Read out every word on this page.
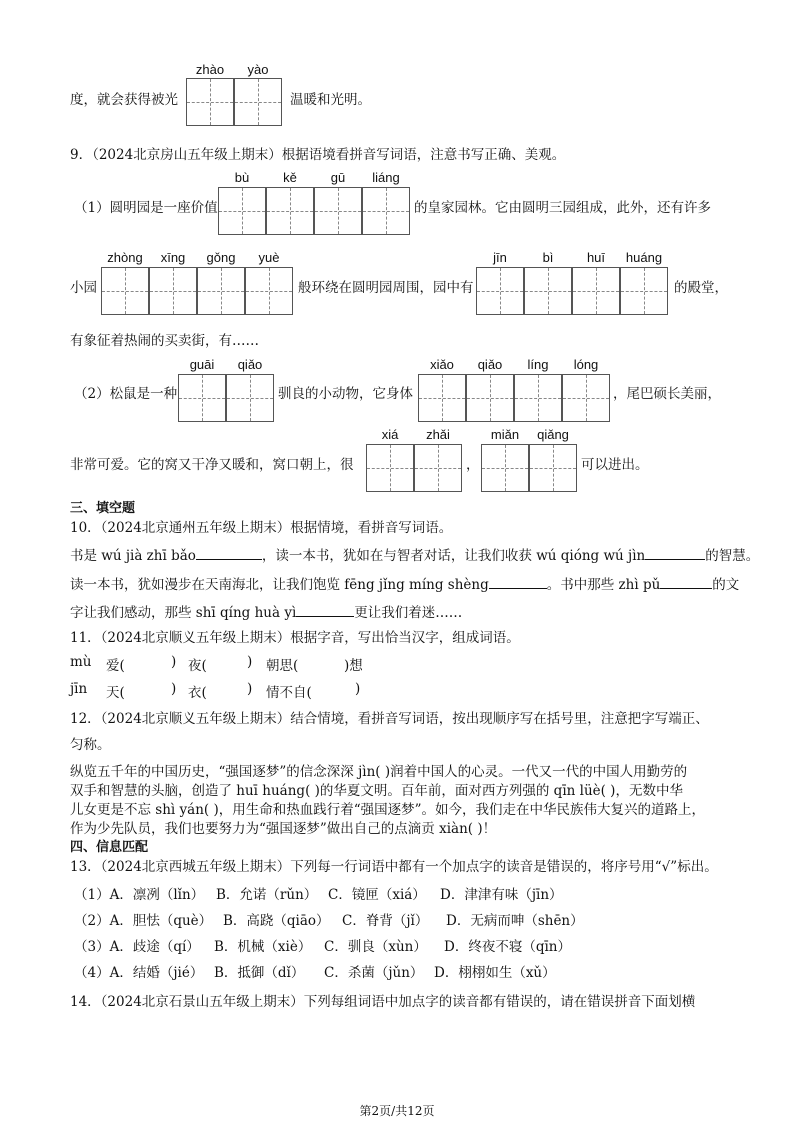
zhào	yào
度，就会获得被光	温暖和光明。
9．（2024北京房山五年级上期末）根据语境看拼音写词语，注意书写正确、美观。
bù	kě	gū	liáng
（1）圆明园是一座价值	的皇家园林。它由圆明三园组成，此外，还有许多
zhòng	xīng	gǒng	yuè
小园	般环绕在圆明园周围，园中有
jīn	bì	huī	huáng
的殿堂，
有象征着热闹的买卖街，有……
guāi	qiǎo
（2）松鼠是一种	驯良的小动物，它身体
xiǎo	qiǎo	líng	lóng
，尾巴硕长美丽，
xiá	zhǎi
非常可爱。它的窝又干净又暖和，窝口朝上，很	，
miǎn	qiǎng
可以进出。
三、填空题
10．（2024北京通州五年级上期末）根据情境，看拼音写词语。
书是 wú jià zhī bǎo	，读一本书，犹如在与智者对话，让我们收获 wú qióng wú jìn	的智慧。
读一本书，犹如漫步在天南海北，让我们饱览 fēng jǐng míng shèng	。书中那些 zhì pǔ	的文
字让我们感动，那些 shī qíng huà yì	更让我们着迷……
11．（2024北京顺义五年级上期末）根据字音，写出恰当汉字，组成词语。
mù 爱(	) 夜(	) 朝思(	)想
jīn 天(	) 衣(	) 情不自(	)
12．（2024北京顺义五年级上期末）结合情境，看拼音写词语，按出现顺序写在括号里，注意把字写端正、
匀称。
纵览五千年的中国历史，“强国逐梦”的信念深深 jìn( )润着中国人的心灵。一代又一代的中国人用勤劳的
双手和智慧的头脑，创造了 huī huáng( )的华夏文明。百年前，面对西方列强的 qīn lüè( )，无数中华
儿女更是不忘 shì yán( )，用生命和热血践行着“强国逐梦”。如今，我们走在中华民族伟大复兴的道路上，
作为少先队员，我们也要努力为“强国逐梦”做出自己的点滴贡 xiàn( )！
四、信息匹配
13．（2024北京西城五年级上期末）下列每一行词语中都有一个加点字的读音是错误的，将序号用“√”标出。
（1）A．凛冽（lǐn） B．允诺（rǔn） C．镜匣（xiá） D．津津有味（jīn）
（2）A．胆怯（què） B．高跷（qiāo） C．脊背（jǐ） D．无病而呻（shēn）
（3）A．歧途（qí） B．机械（xiè） C．驯良（xùn） D．终夜不寝（qīn）
（4）A．结婚（jié） B．抵御（dǐ） C．杀菌（jǔn） D．栩栩如生（xǔ）
14．（2024北京石景山五年级上期末）下列每组词语中加点字的读音都有错误的，请在错误拼音下面划横
第2页/共12页
